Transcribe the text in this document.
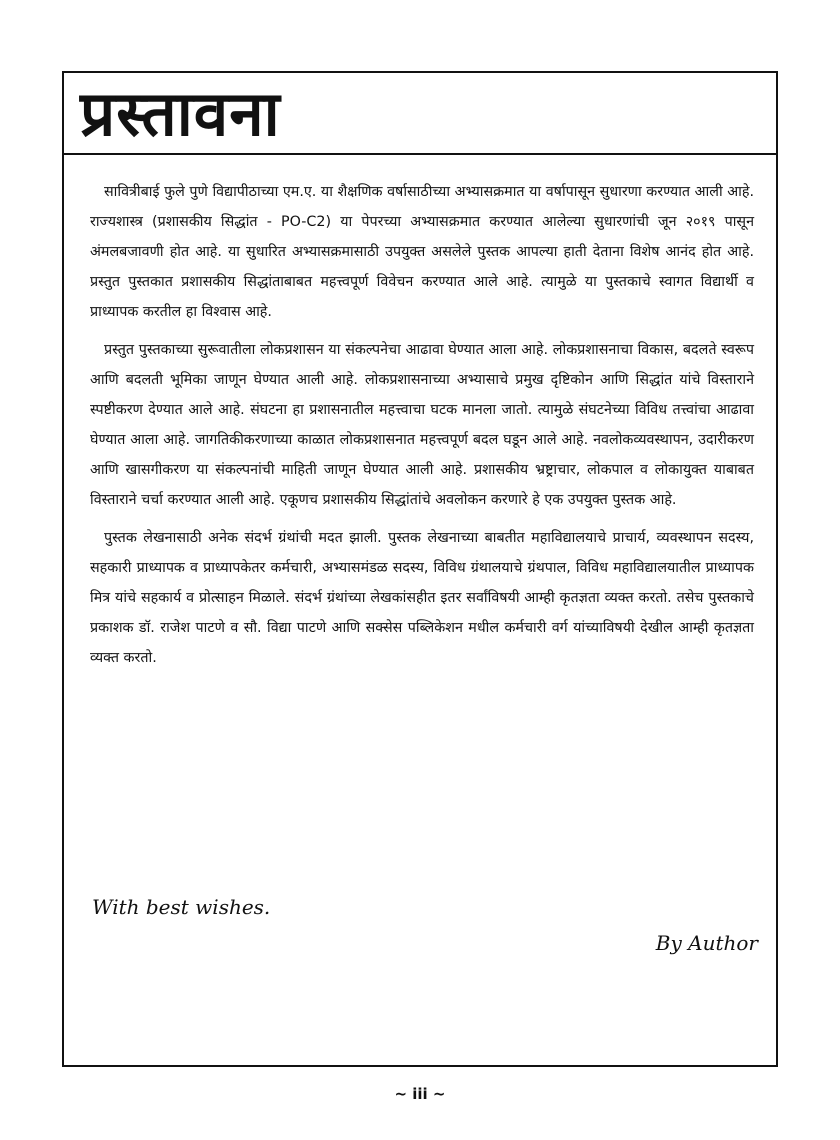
प्रस्तावना

सावित्रीबाई फुले पुणे विद्यापीठाच्या एम.ए. या शैक्षणिक वर्षासाठीच्या अभ्यासक्रमात या वर्षापासून सुधारणा करण्यात आली आहे. राज्यशास्त्र (प्रशासकीय सिद्धांत - PO-C2) या पेपरच्या अभ्यासक्रमात करण्यात आलेल्या सुधारणांची जून २०१९ पासून अंमलबजावणी होत आहे. या सुधारित अभ्यासक्रमासाठी उपयुक्त असलेले पुस्तक आपल्या हाती देताना विशेष आनंद होत आहे. प्रस्तुत पुस्तकात प्रशासकीय सिद्धांताबाबत महत्त्वपूर्ण विवेचन करण्यात आले आहे. त्यामुळे या पुस्तकाचे स्वागत विद्यार्थी व प्राध्यापक करतील हा विश्वास आहे.

प्रस्तुत पुस्तकाच्या सुरूवातीला लोकप्रशासन या संकल्पनेचा आढावा घेण्यात आला आहे. लोकप्रशासनाचा विकास, बदलते स्वरूप आणि बदलती भूमिका जाणून घेण्यात आली आहे. लोकप्रशासनाच्या अभ्यासाचे प्रमुख दृष्टिकोन आणि सिद्धांत यांचे विस्ताराने स्पष्टीकरण देण्यात आले आहे. संघटना हा प्रशासनातील महत्त्वाचा घटक मानला जातो. त्यामुळे संघटनेच्या विविध तत्त्वांचा आढावा घेण्यात आला आहे. जागतिकीकरणाच्या काळात लोकप्रशासनात महत्त्वपूर्ण बदल घडून आले आहे. नवलोकव्यवस्थापन, उदारीकरण आणि खासगीकरण या संकल्पनांची माहिती जाणून घेण्यात आली आहे. प्रशासकीय भ्रष्ट्राचार, लोकपाल व लोकायुक्त याबाबत विस्ताराने चर्चा करण्यात आली आहे. एकूणच प्रशासकीय सिद्धांतांचे अवलोकन करणारे हे एक उपयुक्त पुस्तक आहे.

पुस्तक लेखनासाठी अनेक संदर्भ ग्रंथांची मदत झाली. पुस्तक लेखनाच्या बाबतीत महाविद्यालयाचे प्राचार्य, व्यवस्थापन सदस्य, सहकारी प्राध्यापक व प्राध्यापकेतर कर्मचारी, अभ्यासमंडळ सदस्य, विविध ग्रंथालयाचे ग्रंथपाल, विविध महाविद्यालयातील प्राध्यापक मित्र यांचे सहकार्य व प्रोत्साहन मिळाले. संदर्भ ग्रंथांच्या लेखकांसहीत इतर सर्वांविषयी आम्ही कृतज्ञता व्यक्त करतो. तसेच पुस्तकाचे प्रकाशक डॉ. राजेश पाटणे व सौ. विद्या पाटणे आणि सक्सेस पब्लिकेशन मधील कर्मचारी वर्ग यांच्याविषयी देखील आम्ही कृतज्ञता व्यक्त करतो.

With best wishes.

By Author

~ iii ~
